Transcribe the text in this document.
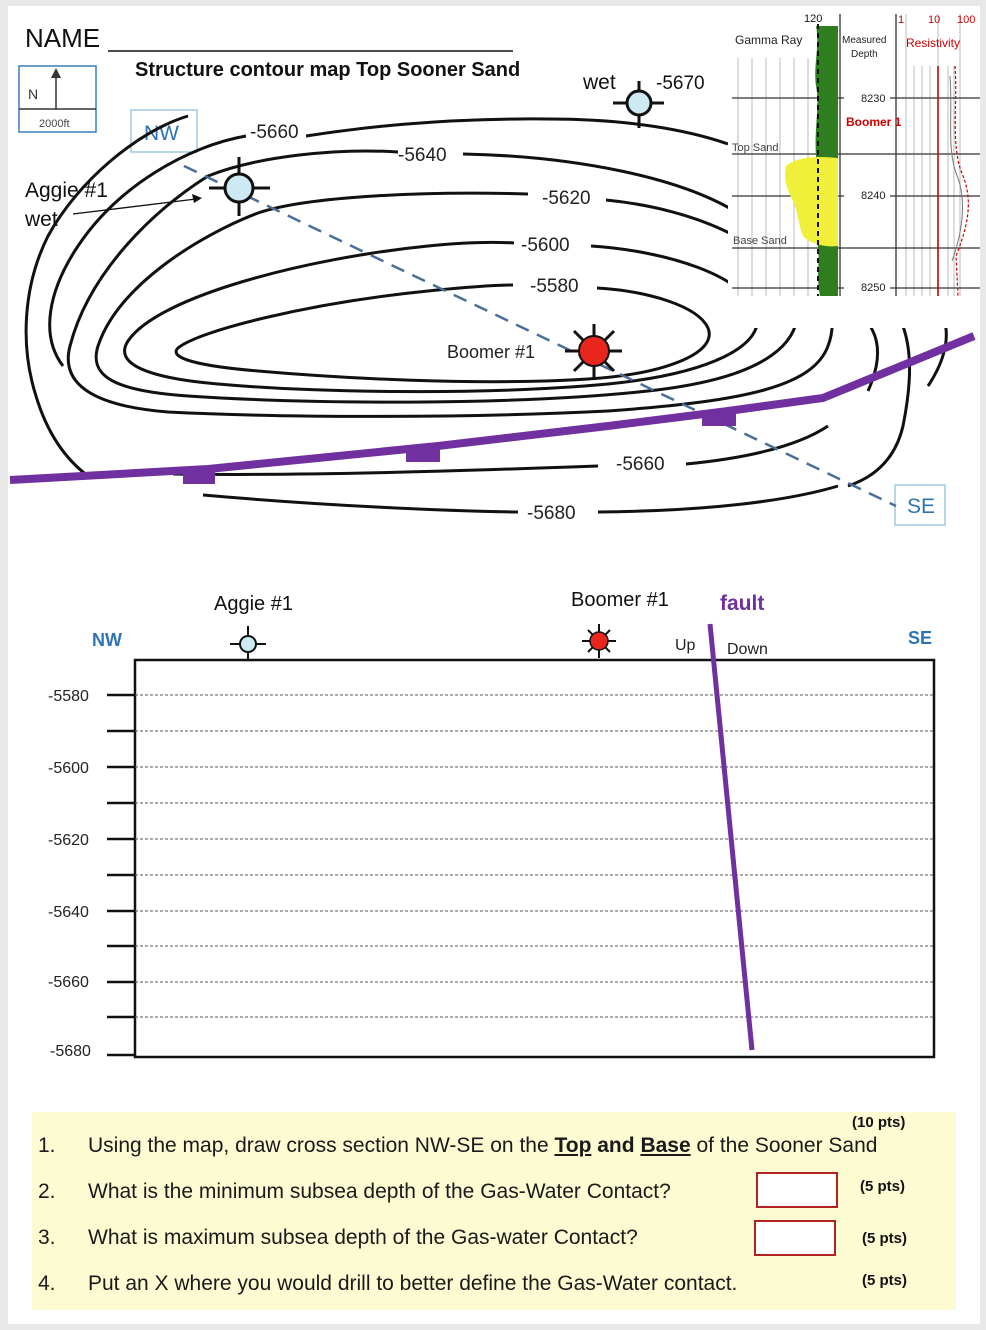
NAME
Structure contour map Top Sooner Sand
N
2000ft	NW
SE
-5660
-5640
-5620
-5600
-5580
-5660
-5680
Aggie #1
wet
wet -5670
Boomer #1
120
Gamma Ray	Measured
Depth
1 10 100
Resistivity
8230
Boomer 1
8240
8250
Top Sand
Base Sand
Aggie #1	Boomer #1 fault
Up Down
NW	SE
-5580
-5600
-5620
-5640
-5660
-5680
(10 pts)
1. Using the map, draw cross section NW-SE on the Top and Base of the Sooner Sand
2. What is the minimum subsea depth of the Gas-Water Contact?	(5 pts)
3. What is maximum subsea depth of the Gas-water Contact?	(5 pts)
4. Put an X where you would drill to better define the Gas-Water contact.	(5 pts)
